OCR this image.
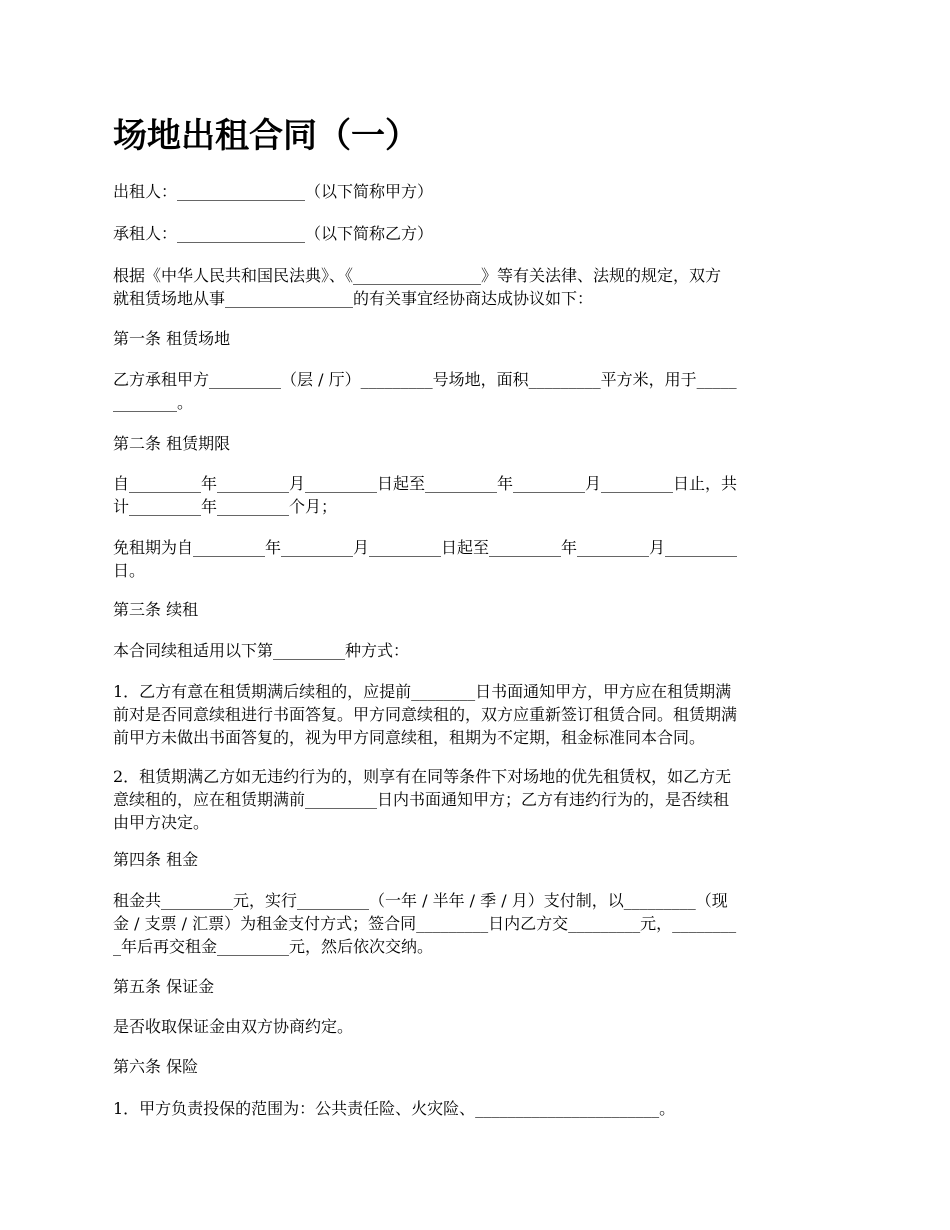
场地出租合同（一）
出租人：________________（以下简称甲方）
承租人：________________（以下简称乙方）
根据《中华人民共和国民法典》、《________________》等有关法律、法规的规定，双方
就租赁场地从事________________的有关事宜经协商达成协议如下：
第一条 租赁场地
乙方承租甲方_________（层 / 厅）_________号场地，面积_________平方米，用于_____
________。
第二条 租赁期限
自_________年_________月_________日起至_________年_________月_________日止，共
计_________年_________个月；
免租期为自_________年_________月_________日起至_________年_________月_________
日。
第三条 续租
本合同续租适用以下第_________种方式：
1．乙方有意在租赁期满后续租的，应提前________日书面通知甲方，甲方应在租赁期满
前对是否同意续租进行书面答复。甲方同意续租的，双方应重新签订租赁合同。租赁期满
前甲方未做出书面答复的，视为甲方同意续租，租期为不定期，租金标准同本合同。
2．租赁期满乙方如无违约行为的，则享有在同等条件下对场地的优先租赁权，如乙方无
意续租的，应在租赁期满前_________日内书面通知甲方；乙方有违约行为的，是否续租
由甲方决定。
第四条 租金
租金共_________元，实行_________（一年 / 半年 / 季 / 月）支付制，以_________（现
金 / 支票 / 汇票）为租金支付方式；签合同_________日内乙方交_________元，________
_年后再交租金_________元，然后依次交纳。
第五条 保证金
是否收取保证金由双方协商约定。
第六条 保险
1．甲方负责投保的范围为：公共责任险、火灾险、_______________________。
